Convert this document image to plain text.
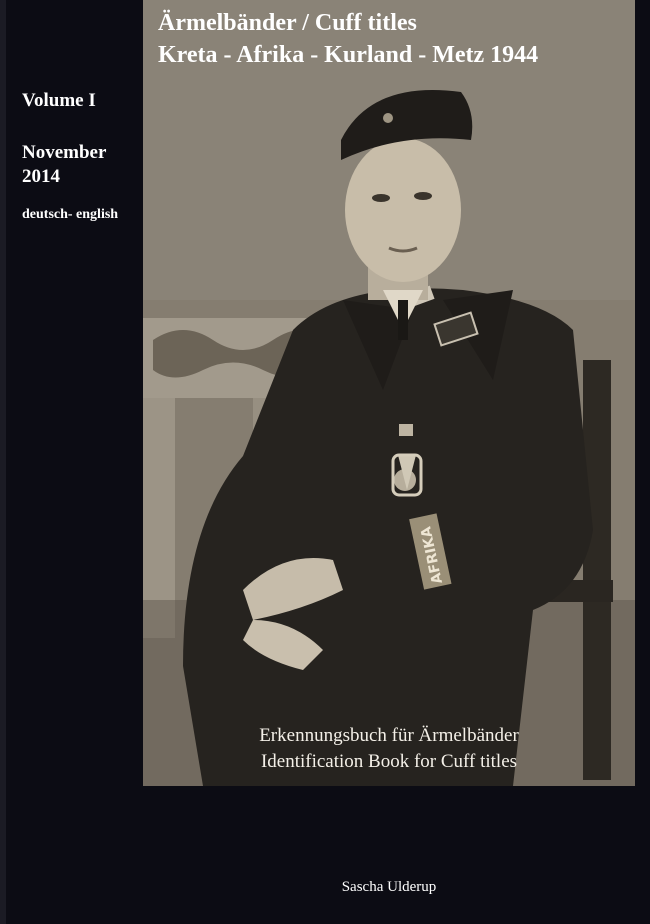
Volume I
November 2014
deutsch- english
AFRIKA
Ärmelbänder / Cuff titles
Kreta - Afrika - Kurland - Metz 1944
Erkennungsbuch für Ärmelbänder
Identification Book for Cuff titles
Sascha Ulderup
